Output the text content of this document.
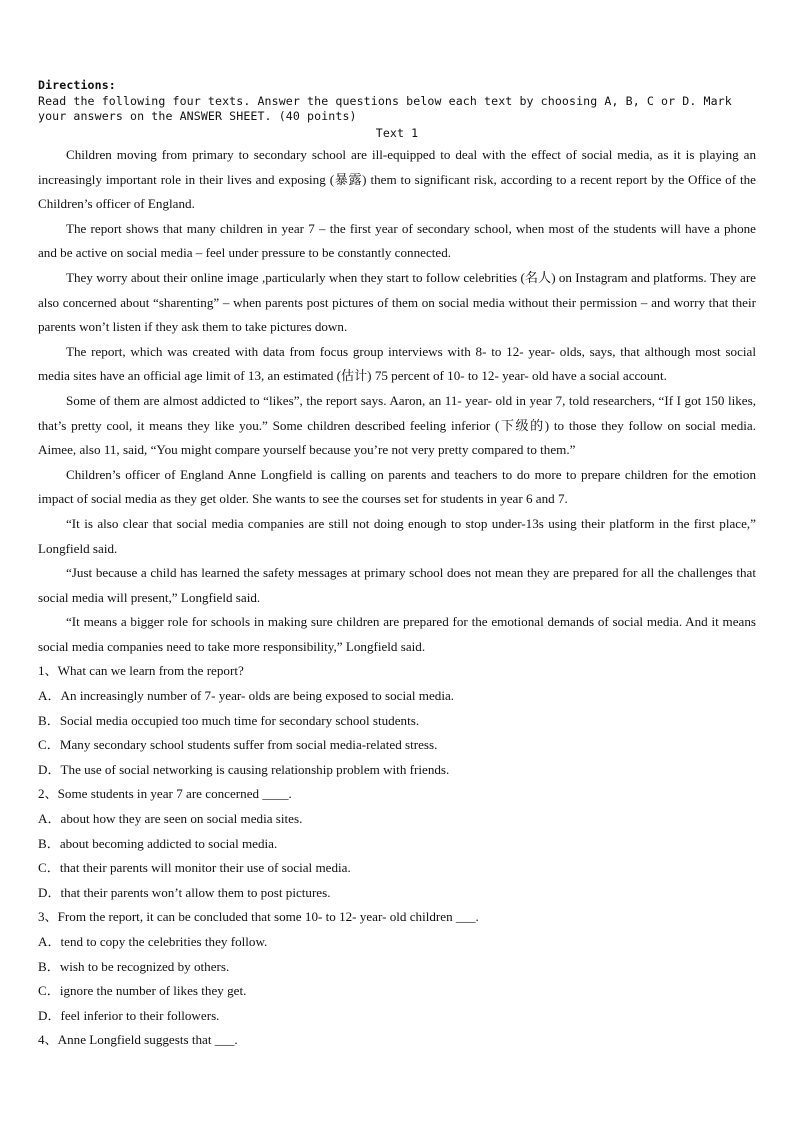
Directions:
Read the following four texts. Answer the questions below each text by choosing A, B, C or D. Mark
your answers on the ANSWER SHEET. (40 points)
Text 1

Children moving from primary to secondary school are ill-equipped to deal with the effect of social media, as it is playing an increasingly important role in their lives and exposing (暴露) them to significant risk, according to a recent report by the Office of the Children’s officer of England.

The report shows that many children in year 7 – the first year of secondary school, when most of the students will have a phone and be active on social media – feel under pressure to be constantly connected.

They worry about their online image ,particularly when they start to follow celebrities (名人) on Instagram and platforms. They are also concerned about “sharenting” – when parents post pictures of them on social media without their permission – and worry that their parents won’t listen if they ask them to take pictures down.

The report, which was created with data from focus group interviews with 8- to 12- year- olds, says, that although most social media sites have an official age limit of 13, an estimated (估计) 75 percent of 10- to 12- year- old have a social account.

Some of them are almost addicted to “likes”, the report says. Aaron, an 11- year- old in year 7, told researchers, “If I got 150 likes, that’s pretty cool, it means they like you.” Some children described feeling inferior (下级的) to those they follow on social media. Aimee, also 11, said, “You might compare yourself because you’re not very pretty compared to them.”

Children’s officer of England Anne Longfield is calling on parents and teachers to do more to prepare children for the emotion impact of social media as they get older. She wants to see the courses set for students in year 6 and 7.

“It is also clear that social media companies are still not doing enough to stop under-13s using their platform in the first place,” Longfield said.

“Just because a child has learned the safety messages at primary school does not mean they are prepared for all the challenges that social media will present,” Longfield said.

“It means a bigger role for schools in making sure children are prepared for the emotional demands of social media. And it means social media companies need to take more responsibility,” Longfield said.

1、What can we learn from the report?

A．An increasingly number of 7- year- olds are being exposed to social media.

B．Social media occupied too much time for secondary school students.

C．Many secondary school students suffer from social media-related stress.

D．The use of social networking is causing relationship problem with friends.

2、Some students in year 7 are concerned ____.

A．about how they are seen on social media sites.

B．about becoming addicted to social media.

C．that their parents will monitor their use of social media.

D．that their parents won’t allow them to post pictures.

3、From the report, it can be concluded that some 10- to 12- year- old children ___.

A．tend to copy the celebrities they follow.

B．wish to be recognized by others.

C．ignore the number of likes they get.

D．feel inferior to their followers.

4、Anne Longfield suggests that ___.
